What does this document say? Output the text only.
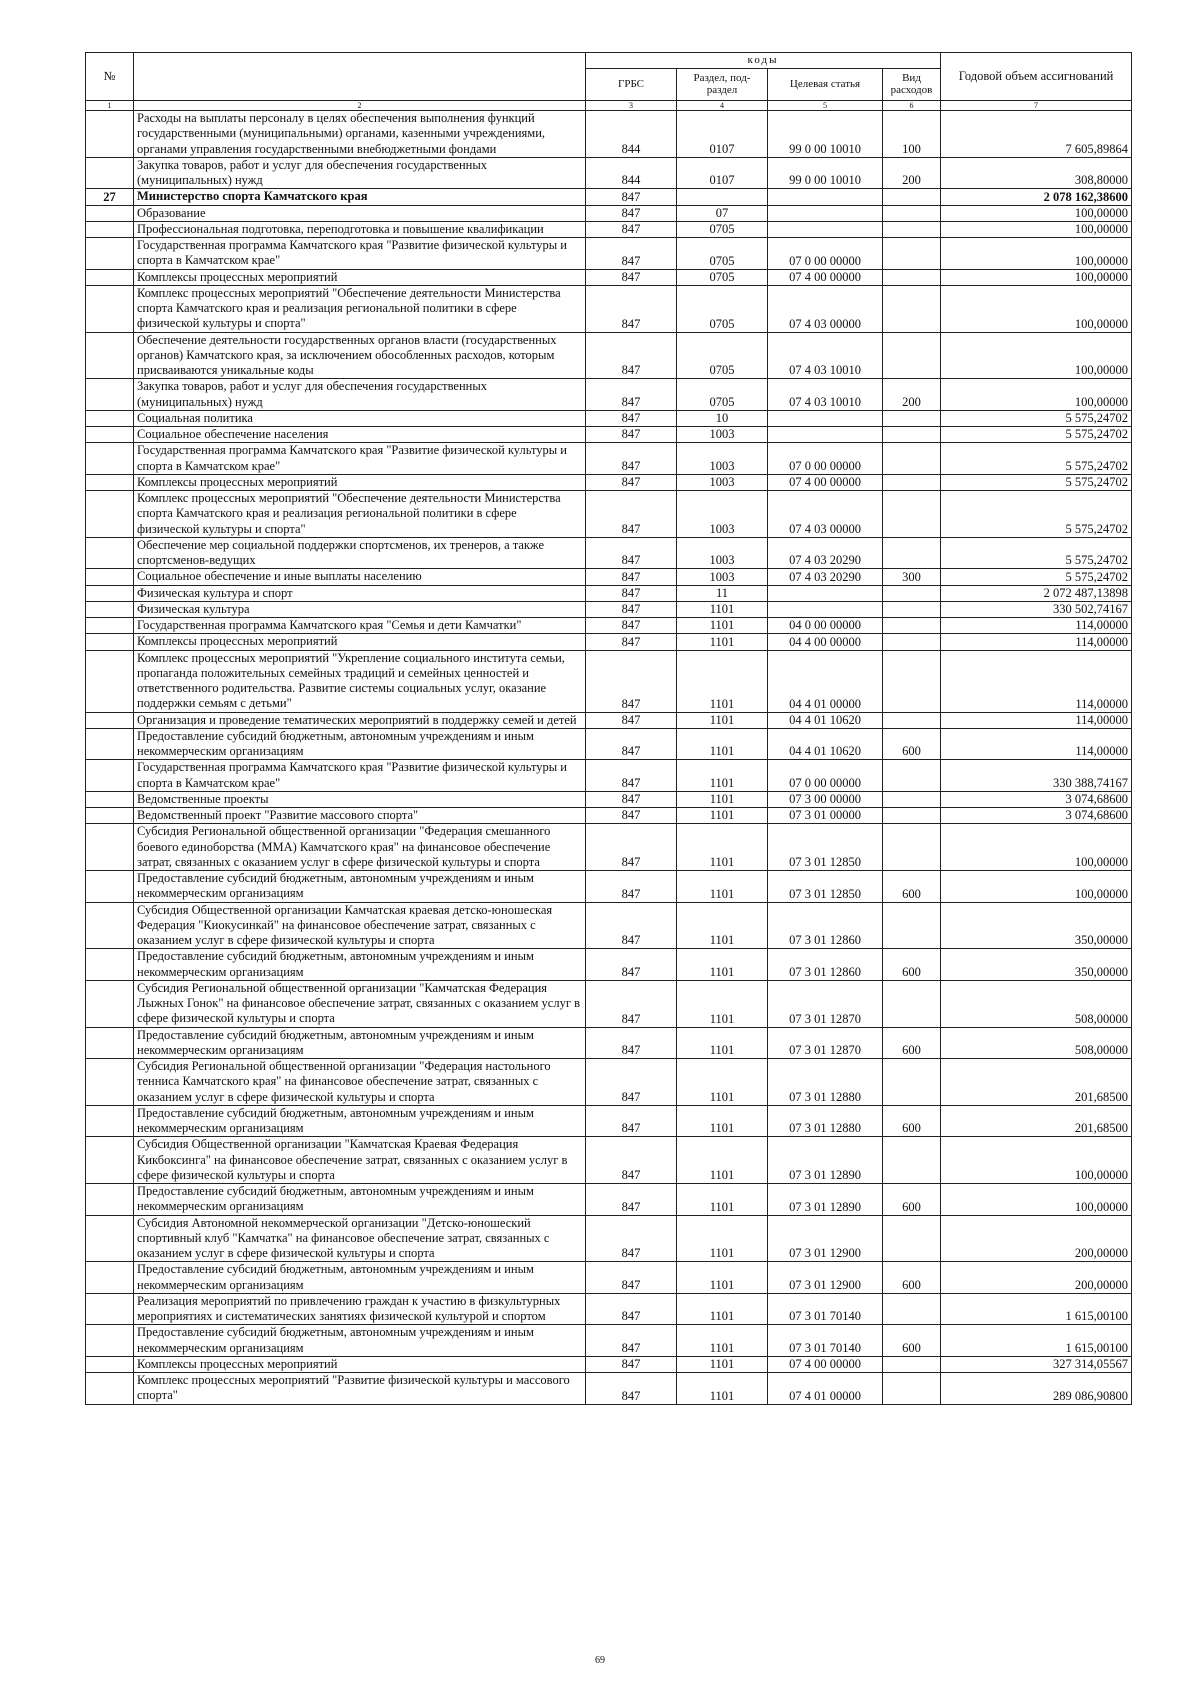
№		коды				Годовой объем ассигнований
		ГРБС	Раздел, под-раздел	Целевая статья	Вид расходов	
1	2	3	4	5	6	7
	Расходы на выплаты персоналу в целях обеспечения выполнения функций государственными (муниципальными) органами, казенными учреждениями, органами управления государственными внебюджетными фондами	844	0107	99 0 00 10010	100	7 605,89864
	Закупка товаров, работ и услуг для обеспечения государственных (муниципальных) нужд	844	0107	99 0 00 10010	200	308,80000
27	Министерство спорта Камчатского края	847				2 078 162,38600
	Образование	847	07			100,00000
	Профессиональная подготовка, переподготовка и повышение квалификации	847	0705			100,00000
	Государственная программа Камчатского края "Развитие физической культуры и спорта в Камчатском крае"	847	0705	07 0 00 00000		100,00000
	Комплексы процессных мероприятий	847	0705	07 4 00 00000		100,00000
	Комплекс процессных мероприятий "Обеспечение деятельности Министерства спорта Камчатского края и реализация региональной политики в сфере физической культуры и спорта"	847	0705	07 4 03 00000		100,00000
	Обеспечение деятельности государственных органов власти (государственных органов) Камчатского края, за исключением обособленных расходов, которым присваиваются уникальные коды	847	0705	07 4 03 10010		100,00000
	Закупка товаров, работ и услуг для обеспечения государственных (муниципальных) нужд	847	0705	07 4 03 10010	200	100,00000
	Социальная политика	847	10			5 575,24702
	Социальное обеспечение населения	847	1003			5 575,24702
	Государственная программа Камчатского края "Развитие физической культуры и спорта в Камчатском крае"	847	1003	07 0 00 00000		5 575,24702
	Комплексы процессных мероприятий	847	1003	07 4 00 00000		5 575,24702
	Комплекс процессных мероприятий "Обеспечение деятельности Министерства спорта Камчатского края и реализация региональной политики в сфере физической культуры и спорта"	847	1003	07 4 03 00000		5 575,24702
	Обеспечение мер социальной поддержки спортсменов, их тренеров, а также спортсменов-ведущих	847	1003	07 4 03 20290		5 575,24702
	Социальное обеспечение и иные выплаты населению	847	1003	07 4 03 20290	300	5 575,24702
	Физическая культура и спорт	847	11			2 072 487,13898
	Физическая культура	847	1101			330 502,74167
	Государственная программа Камчатского края "Семья и дети Камчатки"	847	1101	04 0 00 00000		114,00000
	Комплексы процессных мероприятий	847	1101	04 4 00 00000		114,00000
	Комплекс процессных мероприятий "Укрепление социального института семьи, пропаганда положительных семейных традиций и семейных ценностей и ответственного родительства. Развитие системы социальных услуг, оказание поддержки семьям с детьми"	847	1101	04 4 01 00000		114,00000
	Организация и проведение тематических мероприятий в поддержку семей и детей	847	1101	04 4 01 10620		114,00000
	Предоставление субсидий бюджетным, автономным учреждениям и иным некоммерческим организациям	847	1101	04 4 01 10620	600	114,00000
	Государственная программа Камчатского края "Развитие физической культуры и спорта в Камчатском крае"	847	1101	07 0 00 00000		330 388,74167
	Ведомственные проекты	847	1101	07 3 00 00000		3 074,68600
	Ведомственный проект "Развитие массового спорта"	847	1101	07 3 01 00000		3 074,68600
	Субсидия Региональной общественной организации "Федерация смешанного боевого единоборства (ММА) Камчатского края" на финансовое обеспечение затрат, связанных с оказанием услуг в сфере физической культуры и спорта	847	1101	07 3 01 12850		100,00000
	Предоставление субсидий бюджетным, автономным учреждениям и иным некоммерческим организациям	847	1101	07 3 01 12850	600	100,00000
	Субсидия Общественной организации Камчатская краевая детско-юношеская Федерация "Киокусинкай" на финансовое обеспечение затрат, связанных с оказанием услуг в сфере физической культуры и спорта	847	1101	07 3 01 12860		350,00000
	Предоставление субсидий бюджетным, автономным учреждениям и иным некоммерческим организациям	847	1101	07 3 01 12860	600	350,00000
	Субсидия Региональной общественной организации "Камчатская Федерация Лыжных Гонок" на финансовое обеспечение затрат, связанных с оказанием услуг в сфере физической культуры и спорта	847	1101	07 3 01 12870		508,00000
	Предоставление субсидий бюджетным, автономным учреждениям и иным некоммерческим организациям	847	1101	07 3 01 12870	600	508,00000
	Субсидия Региональной общественной организации "Федерация настольного тенниса Камчатского края" на финансовое обеспечение затрат, связанных с оказанием услуг в сфере физической культуры и спорта	847	1101	07 3 01 12880		201,68500
	Предоставление субсидий бюджетным, автономным учреждениям и иным некоммерческим организациям	847	1101	07 3 01 12880	600	201,68500
	Субсидия Общественной организации "Камчатская Краевая Федерация Кикбоксинга" на финансовое обеспечение затрат, связанных с оказанием услуг в сфере физической культуры и спорта	847	1101	07 3 01 12890		100,00000
	Предоставление субсидий бюджетным, автономным учреждениям и иным некоммерческим организациям	847	1101	07 3 01 12890	600	100,00000
	Субсидия Автономной некоммерческой организации "Детско-юношеский спортивный клуб "Камчатка" на финансовое обеспечение затрат, связанных с оказанием услуг в сфере физической культуры и спорта	847	1101	07 3 01 12900		200,00000
	Предоставление субсидий бюджетным, автономным учреждениям и иным некоммерческим организациям	847	1101	07 3 01 12900	600	200,00000
	Реализация мероприятий по привлечению граждан к участию в физкультурных мероприятиях и систематических занятиях физической культурой и спортом	847	1101	07 3 01 70140		1 615,00100
	Предоставление субсидий бюджетным, автономным учреждениям и иным некоммерческим организациям	847	1101	07 3 01 70140	600	1 615,00100
	Комплексы процессных мероприятий	847	1101	07 4 00 00000		327 314,05567
	Комплекс процессных мероприятий "Развитие физической культуры и массового спорта"	847	1101	07 4 01 00000		289 086,90800
69
